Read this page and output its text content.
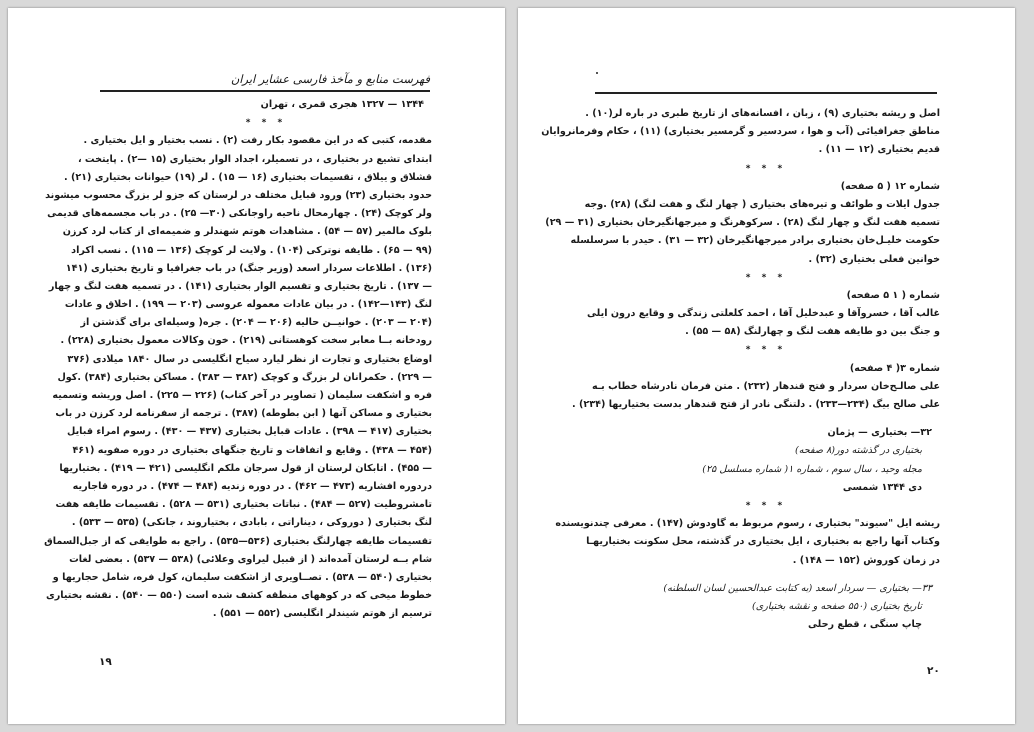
فهرست منابع و مآخذ فارسی عشایر ایران
۱۳۴۴ — ۱۳۲۷ هجری قمری ، تهران
* * *
مقدمه، کتبی که در این مقصود بکار رفت (۲) . نسب بختیار و ایل بختیاری .
ابتدای تشیع در بختیاری ، در تسمیلر، اجداد الوار بختیاری (۱۵ —۲) . پایتخت ،
قشلاق و ییلاق ، تقسیمات بختیاری (۱۶ — ۱۵) . لر (۱۹) حیوانات بختیاری (۲۱) .
حدود بختیاری (۲۳) ورود قبایل مختلف در لرستان که جزو لر بزرگ محسوب میشوند
ولر کوچک (۲۴) . چهارمحال ناحیه راوجانکی (۳۰— ۲۵) . در باب مجسمه‌های قدیمی
بلوک مالمیر (۵۷ — ۵۴) . مشاهدات هوتم شهندلر و ضمیمه‌ای از کتاب لرد کرزن
(۹۹ — ۶۵) . طایفه نوترکی (۱۰۴) . ولایت لر کوچک (۱۳۶ — ۱۱۵) . نسب اکراد
(۱۳۶) . اطلاعات سردار اسعد (وزیر جنگ) در باب جغرافیا و تاریخ بختیاری (۱۴۱
— ۱۳۷) . تاریخ بختیاری و تقسیم الوار بختیاری (۱۴۱) . در تسمیه هفت لنگ و چهار
لنگ (۱۴۳—۱۴۲) . در بیان عادات معموله عروسی (۲۰۳ — ۱۹۹) . اخلاق و عادات
(۲۰۴ — ۲۰۳) . خوانیــن حالیه (۲۰۶ — ۲۰۴) . جره( وسیله‌ای برای گذشتن از
رودخانه بــا معابر سخت کوهستانی (۲۱۹) . خون وکالات معمول بختیاری (۲۲۸) .
اوضاع بختیاری و تجارت از نظر لیارد سیاح انگلیسی در سال ۱۸۴۰ میلادی (۳۷۶
— ۲۲۹) . حکمرانان لر بزرگ و کوچک (۳۸۲ — ۳۸۳) . مساکن بختیاری (۳۸۴) .کول
فره و اشکفت سلیمان ( تصاویر در آخر کتاب) (۲۲۶ — ۲۲۵) . اصل وریشه وتسمیه
بختیاری و مساکن آنها ( ابن بطوطه) (۳۸۷) . ترجمه از سفرنامه لرد کرزن در باب
بختیاری (۴۱۷ — ۳۹۸) . عادات قبایل بختیاری (۴۳۷ — ۴۳۰) . رسوم امراء قبایل
(۴۵۴ — ۴۳۸) . وقایع و اتفاقات و تاریخ جنگهای بختیاری در دوره صفویه (۴۶۱
— ۴۵۵) . اتابکان لرستان از قول سرجان ملکم انگلیسی (۴۲۱ — ۴۱۹) . بختیاریها
دردوره افشاریه (۴۷۳ — ۴۶۲) . در دوره زندیه (۴۸۴ — ۴۷۴) . در دوره قاجاریه
تامشروطیت (۵۲۷ — ۴۸۴) . نباتات بختیاری (۵۳۱ — ۵۲۸) . تقسیمات طایفه هفت
لنگ بختیاری ( دوروکی ، دیناراتی ، بابادی ، بختیاروند ، جانکی) (۵۳۵ — ۵۳۳) .
تقسیمات طایفه چهارلنگ بختیاری (۵۳۶—۵۳۵) . راجع به طوایفی که از جبل‌السماق
شام بــه لرستان آمده‌اند ( از قبیل لیراوی وعلائی) (۵۳۸ — ۵۳۷) . بعضی لغات
بختیاری (۵۴۰ — ۵۳۸) . تصــاویری از اشکفت سلیمان، کول فره، شامل حجاریها و
خطوط میخی که در کوههای منطقه کشف شده است (۵۵۰ — ۵۴۰) . نقشه بختیاری
ترسیم از هوتم شیندلر انگلیسی (۵۵۲ — ۵۵۱) .
۱۹
اصل و ریشه بختیاری (۹) ، زبان ، افسانه‌های از تاریخ طبری در باره لر(۱۰) .
مناطق جغرافیائی (آب و هوا ، سردسیر و گرمسیر بختیاری) (۱۱) ، حکام وفرمانروایان
قدیم بختیاری (۱۲ — ۱۱) .
* * *
شماره ۱۲ ( ۵ صفحه)
جدول ایلات و طوائف و تیره‌های بختیاری ( چهار لنگ و هفت لنگ) (۲۸) .وجه
تسمیه هفت لنگ و چهار لنگ (۲۸) . سرکوهرنگ و میرجهانگیرخان بختیاری (۳۱ — ۲۹)
حکومت خلیـل‌خان بختیاری برادر میرجهانگیرخان (۳۲ — ۳۱) . حیدر با سرسلسله
خوانین فعلی بختیاری (۳۲) .
* * *
شماره ( ۱ ۵ صفحه)
غالب آقا ، خسروآقا و عبدخلیل آقا ، احمد کلعلتی زندگی و وقایع درون ایلی
و جنگ بین دو طایفه هفت لنگ و چهارلنگ (۵۸ — ۵۵) .
* * *
شماره ۳( ۴ صفحه)
علی صالـح‌خان سردار و فتح قندهار (۲۳۲) . متن فرمان نادرشاه خطاب بـه
علی صالح بیگ (۲۳۴—۲۳۳) . دلتنگی نادر از فتح قندهار بدست بختیاریها (۲۳۴) .
۳۲— بختیاری — پژمان
بختیاری در گذشته دور(۸ صفحه)
مجله وحید ، سال سوم ، شماره ۱( شماره مسلسل ۲۵)
دی ۱۳۴۴ شمسی
* * *
ریشه ایل "سیوند" بختیاری ، رسوم مربوط به گاودوش (۱۴۷) . معرفی چندنویسنده
وکتاب آنها راجع به بختیاری ، ایل بختیاری در گذشته، محل سکونت بختیاریهـا
در زمان کوروش (۱۵۲ — ۱۴۸) .
۳۳— بختیاری — سردار اسعد (به کتابت عبدالحسین لسان السلطنه)
تاریخ بختیاری (۵۵۰ صفحه و نقشه بختیاری)
چاپ سنگی ، قطع رحلی
۲۰
